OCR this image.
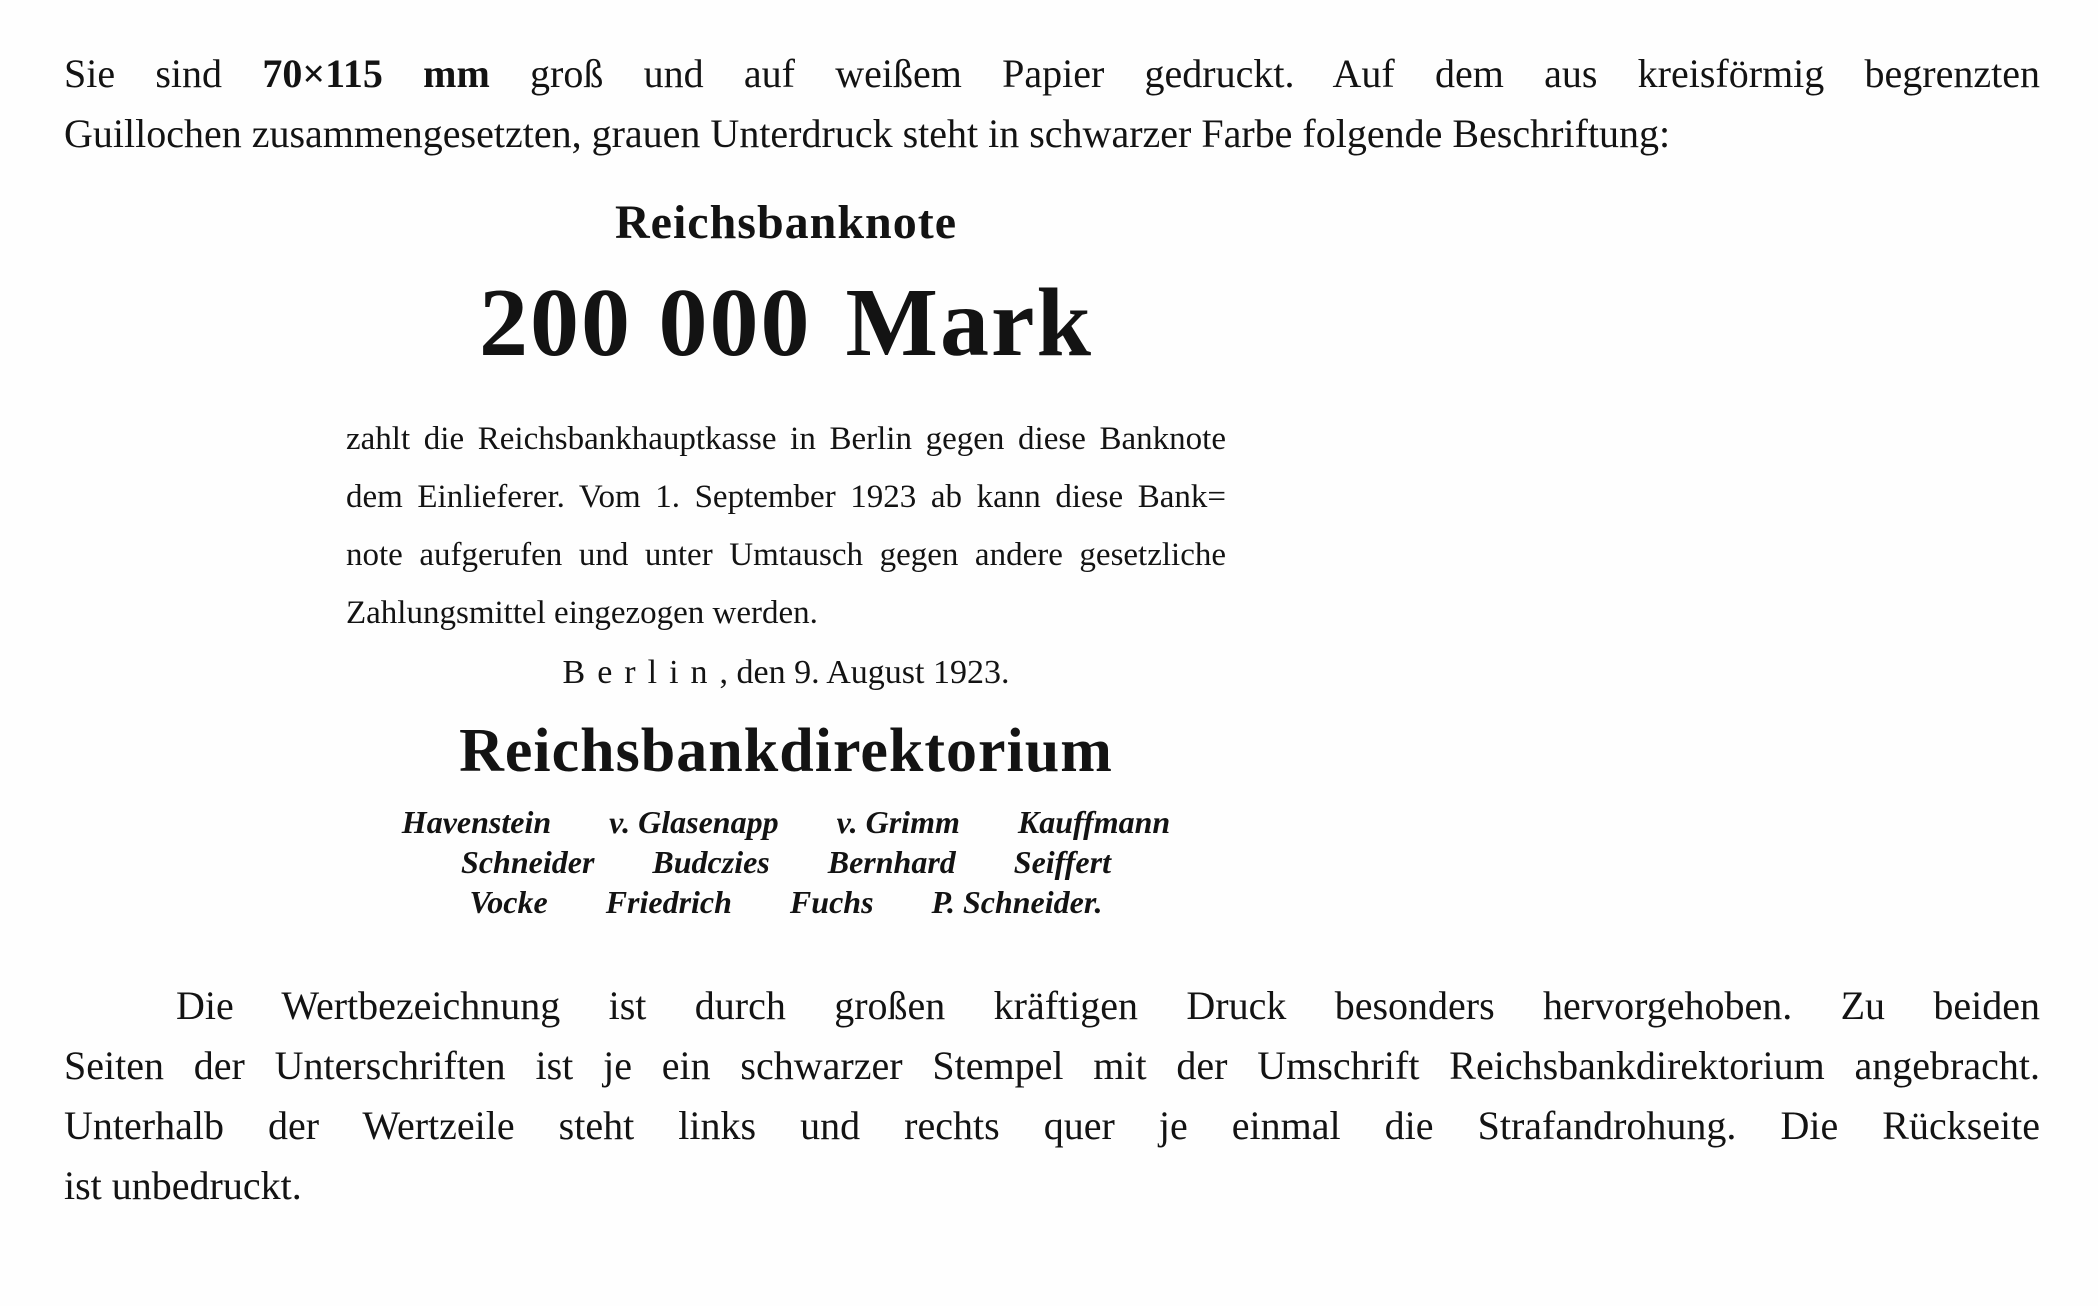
Sie sind 70×115 mm groß und auf weißem Papier gedruckt. Auf dem aus kreisförmig begrenzten
Guillochen zusammengesetzten, grauen Unterdruck steht in schwarzer Farbe folgende Beschriftung:
Reichsbanknote
200 000 Mark
zahlt die Reichsbankhauptkasse in Berlin gegen diese Banknote
dem Einlieferer. Vom 1. September 1923 ab kann diese Bank=
note aufgerufen und unter Umtausch gegen andere gesetzliche
Zahlungsmittel eingezogen werden.
Berlin, den 9. August 1923.
Reichsbankdirektorium
Havenstein v. Glasenapp v. Grimm Kauffmann
Schneider Budczies Bernhard Seiffert
Vocke Friedrich Fuchs P. Schneider.
Die Wertbezeichnung ist durch großen kräftigen Druck besonders hervorgehoben. Zu beiden
Seiten der Unterschriften ist je ein schwarzer Stempel mit der Umschrift Reichsbankdirektorium angebracht.
Unterhalb der Wertzeile steht links und rechts quer je einmal die Strafandrohung. Die Rückseite
ist unbedruckt.
